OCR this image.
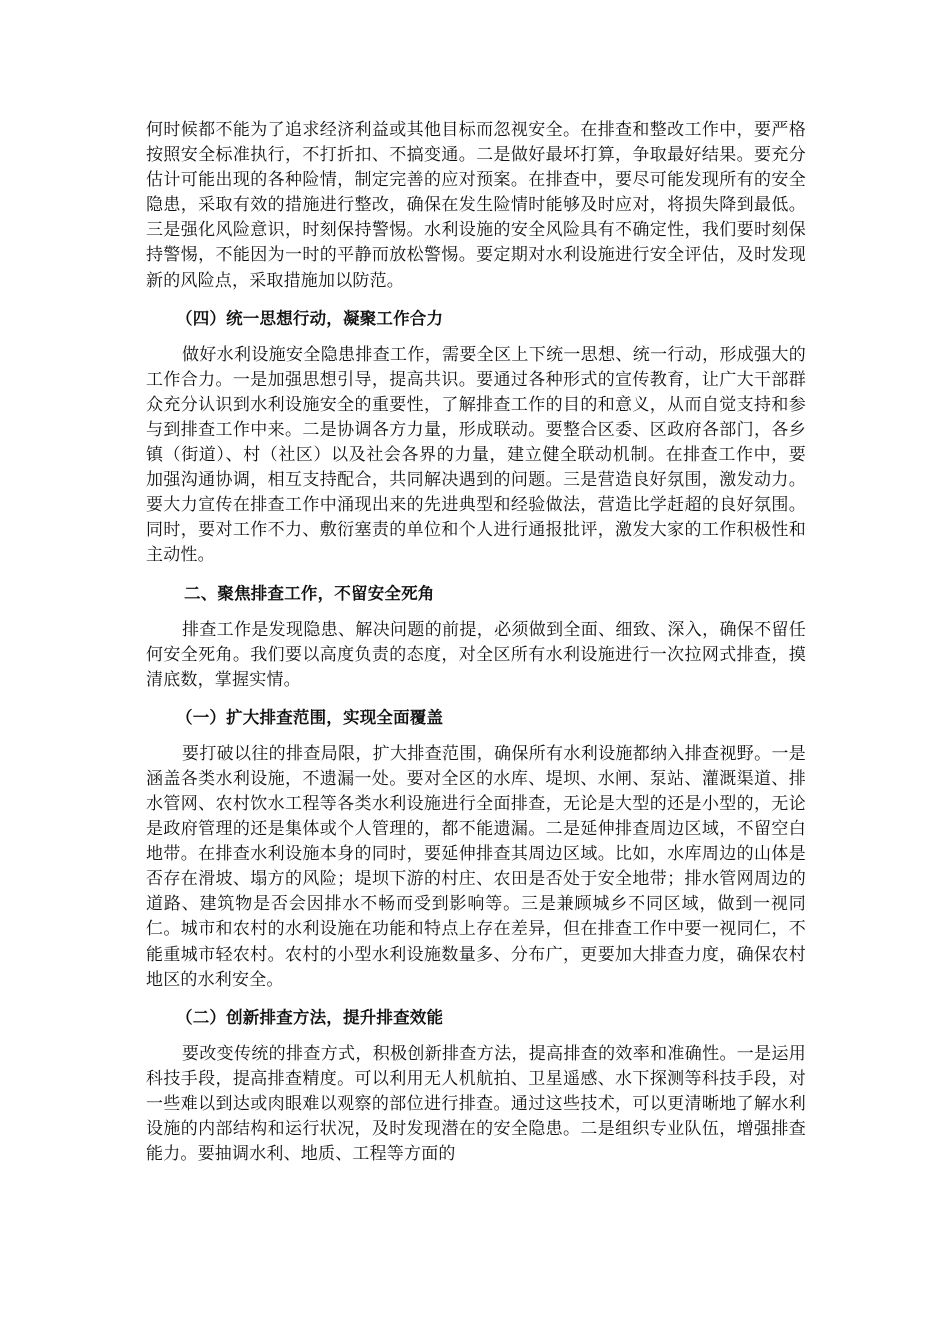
何时候都不能为了追求经济利益或其他目标而忽视安全。在排查和整改工作中，要严格按照安全标准执行，不打折扣、不搞变通。二是做好最坏打算，争取最好结果。要充分估计可能出现的各种险情，制定完善的应对预案。在排查中，要尽可能发现所有的安全隐患，采取有效的措施进行整改，确保在发生险情时能够及时应对，将损失降到最低。三是强化风险意识，时刻保持警惕。水利设施的安全风险具有不确定性，我们要时刻保持警惕，不能因为一时的平静而放松警惕。要定期对水利设施进行安全评估，及时发现新的风险点，采取措施加以防范。

（四）统一思想行动，凝聚工作合力

做好水利设施安全隐患排查工作，需要全区上下统一思想、统一行动，形成强大的工作合力。一是加强思想引导，提高共识。要通过各种形式的宣传教育，让广大干部群众充分认识到水利设施安全的重要性，了解排查工作的目的和意义，从而自觉支持和参与到排查工作中来。二是协调各方力量，形成联动。要整合区委、区政府各部门，各乡镇（街道）、村（社区）以及社会各界的力量，建立健全联动机制。在排查工作中，要加强沟通协调，相互支持配合，共同解决遇到的问题。三是营造良好氛围，激发动力。要大力宣传在排查工作中涌现出来的先进典型和经验做法，营造比学赶超的良好氛围。同时，要对工作不力、敷衍塞责的单位和个人进行通报批评，激发大家的工作积极性和主动性。

二、聚焦排查工作，不留安全死角

排查工作是发现隐患、解决问题的前提，必须做到全面、细致、深入，确保不留任何安全死角。我们要以高度负责的态度，对全区所有水利设施进行一次拉网式排查，摸清底数，掌握实情。

（一）扩大排查范围，实现全面覆盖

要打破以往的排查局限，扩大排查范围，确保所有水利设施都纳入排查视野。一是涵盖各类水利设施，不遗漏一处。要对全区的水库、堤坝、水闸、泵站、灌溉渠道、排水管网、农村饮水工程等各类水利设施进行全面排查，无论是大型的还是小型的，无论是政府管理的还是集体或个人管理的，都不能遗漏。二是延伸排查周边区域，不留空白地带。在排查水利设施本身的同时，要延伸排查其周边区域。比如，水库周边的山体是否存在滑坡、塌方的风险；堤坝下游的村庄、农田是否处于安全地带；排水管网周边的道路、建筑物是否会因排水不畅而受到影响等。三是兼顾城乡不同区域，做到一视同仁。城市和农村的水利设施在功能和特点上存在差异，但在排查工作中要一视同仁，不能重城市轻农村。农村的小型水利设施数量多、分布广，更要加大排查力度，确保农村地区的水利安全。

（二）创新排查方法，提升排查效能

要改变传统的排查方式，积极创新排查方法，提高排查的效率和准确性。一是运用科技手段，提高排查精度。可以利用无人机航拍、卫星遥感、水下探测等科技手段，对一些难以到达或肉眼难以观察的部位进行排查。通过这些技术，可以更清晰地了解水利设施的内部结构和运行状况，及时发现潜在的安全隐患。二是组织专业队伍，增强排查能力。要抽调水利、地质、工程等方面的
